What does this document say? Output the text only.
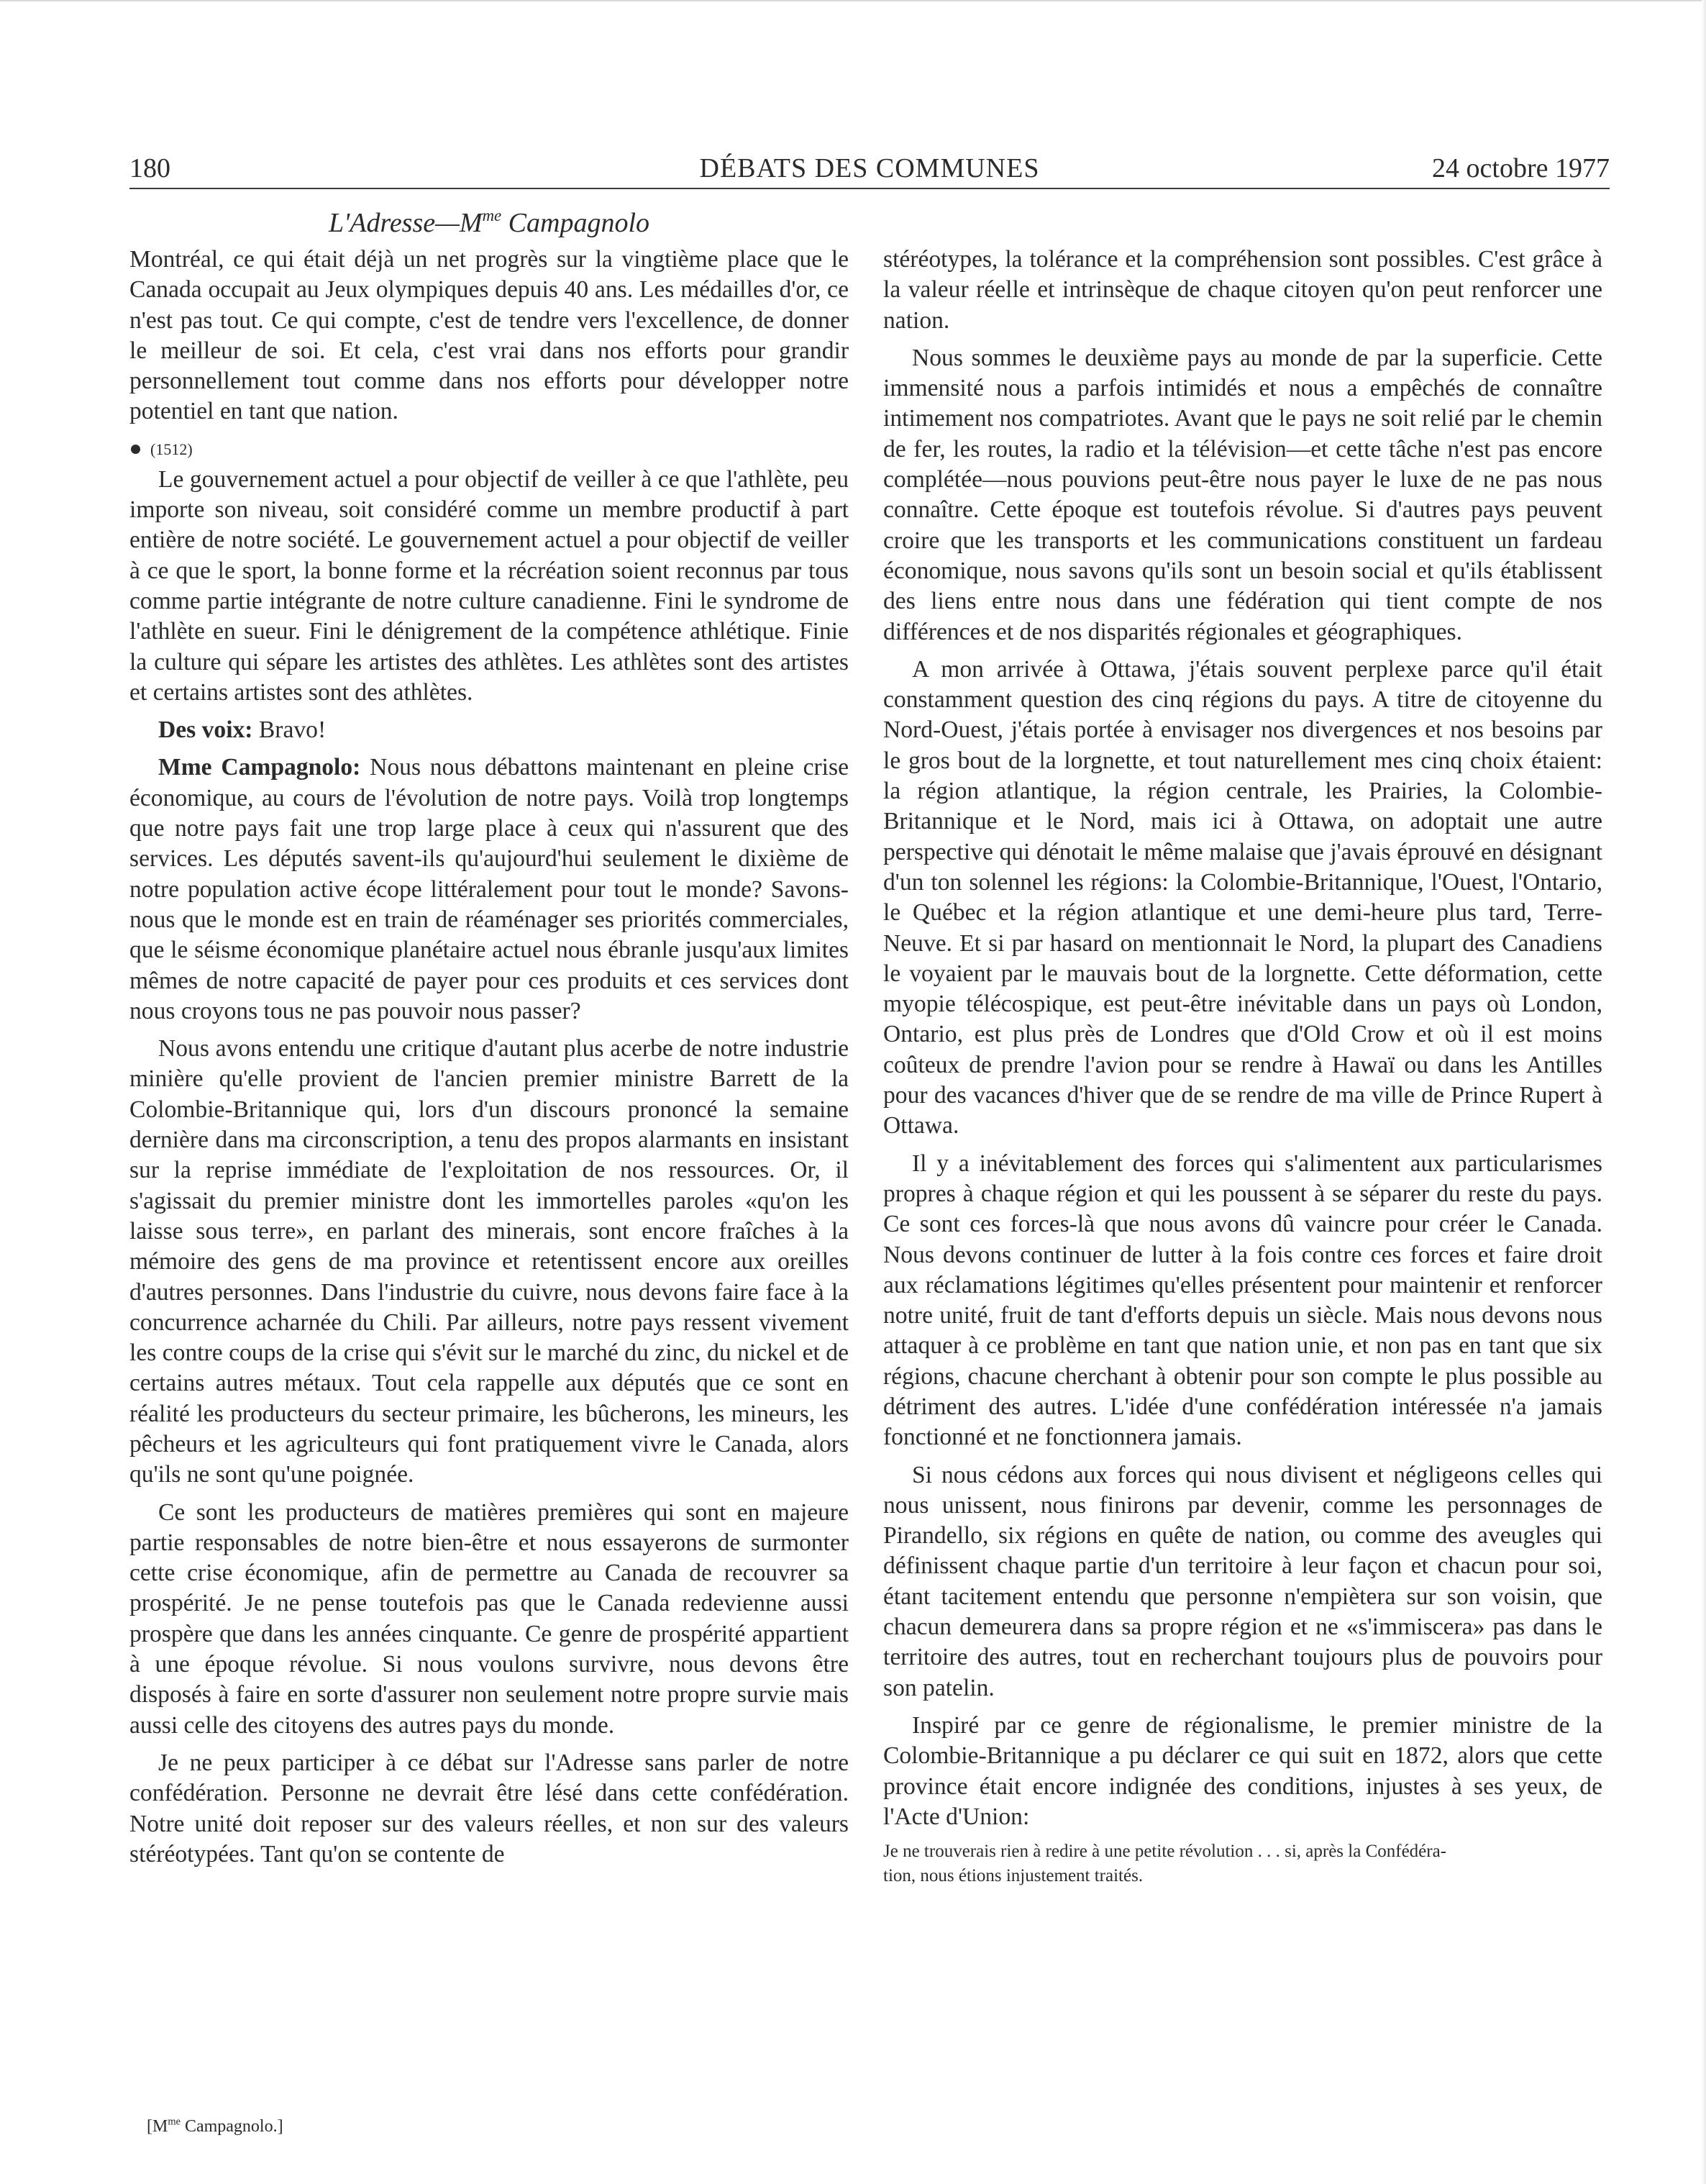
180	DÉBATS DES COMMUNES	24 octobre 1977
$L'Adresse—M^{me}$ Campagnolo

Montréal, ce qui était déjà un net progrès sur la vingtième place que le Canada occupait au Jeux olympiques depuis 40 ans. Les médailles d'or, ce n'est pas tout. Ce qui compte, c'est de tendre vers l'excellence, de donner le meilleur de soi. Et cela, c'est vrai dans nos efforts pour grandir personnellement tout comme dans nos efforts pour développer notre potentiel en tant que nation.

(1512)

Le gouvernement actuel a pour objectif de veiller à ce que l'athlète, peu importe son niveau, soit considéré comme un membre productif à part entière de notre société. Le gouvernement actuel a pour objectif de veiller à ce que le sport, la bonne forme et la récréation soient reconnus par tous comme partie intégrante de notre culture canadienne. Fini le syndrome de l'athlète en sueur. Fini le dénigrement de la compétence athlétique. Finie la culture qui sépare les artistes des athlètes. Les athlètes sont des artistes et certains artistes sont des athlètes.

Des voix: Bravo!

Mme Campagnolo: Nous nous débattons maintenant en pleine crise économique, au cours de l'évolution de notre pays. Voilà trop longtemps que notre pays fait une trop large place à ceux qui n'assurent que des services. Les députés savent-ils qu'aujourd'hui seulement le dixième de notre population active écope littéralement pour tout le monde? Savons-nous que le monde est en train de réaménager ses priorités commerciales, que le séisme économique planétaire actuel nous ébranle jusqu'aux limites mêmes de notre capacité de payer pour ces produits et ces services dont nous croyons tous ne pas pouvoir nous passer?

Nous avons entendu une critique d'autant plus acerbe de notre industrie minière qu'elle provient de l'ancien premier ministre Barrett de la Colombie-Britannique qui, lors d'un discours prononcé la semaine dernière dans ma circonscription, a tenu des propos alarmants en insistant sur la reprise immédiate de l'exploitation de nos ressources. Or, il s'agissait du premier ministre dont les immortelles paroles «qu'on les laisse sous terre», en parlant des minerais, sont encore fraîches à la mémoire des gens de ma province et retentissent encore aux oreilles d'autres personnes. Dans l'industrie du cuivre, nous devons faire face à la concurrence acharnée du Chili. Par ailleurs, notre pays ressent vivement les contre coups de la crise qui s'évit sur le marché du zinc, du nickel et de certains autres métaux. Tout cela rappelle aux députés que ce sont en réalité les producteurs du secteur primaire, les bûcherons, les mineurs, les pêcheurs et les agriculteurs qui font pratiquement vivre le Canada, alors qu'ils ne sont qu'une poignée.

Ce sont les producteurs de matières premières qui sont en majeure partie responsables de notre bien-être et nous essayerons de surmonter cette crise économique, afin de permettre au Canada de recouvrer sa prospérité. Je ne pense toutefois pas que le Canada redevienne aussi prospère que dans les années cinquante. Ce genre de prospérité appartient à une époque révolue. Si nous voulons survivre, nous devons être disposés à faire en sorte d'assurer non seulement notre propre survie mais aussi celle des citoyens des autres pays du monde.

Je ne peux participer à ce débat sur l'Adresse sans parler de notre confédération. Personne ne devrait être lésé dans cette confédération. Notre unité doit reposer sur des valeurs réelles, et non sur des valeurs stéréotypées. Tant qu'on se contente de

[$M^{me}$ Campagnolo.]

stéréotypes, la tolérance et la compréhension sont possibles. C'est grâce à la valeur réelle et intrinsèque de chaque citoyen qu'on peut renforcer une nation.

Nous sommes le deuxième pays au monde de par la superficie. Cette immensité nous a parfois intimidés et nous a empêchés de connaître intimement nos compatriotes. Avant que le pays ne soit relié par le chemin de fer, les routes, la radio et la télévision—et cette tâche n'est pas encore complétée—nous pouvions peut-être nous payer le luxe de ne pas nous connaître. Cette époque est toutefois révolue. Si d'autres pays peuvent croire que les transports et les communications constituent un fardeau économique, nous savons qu'ils sont un besoin social et qu'ils établissent des liens entre nous dans une fédération qui tient compte de nos différences et de nos disparités régionales et géographiques.

A mon arrivée à Ottawa, j'étais souvent perplexe parce qu'il était constamment question des cinq régions du pays. A titre de citoyenne du Nord-Ouest, j'étais portée à envisager nos divergences et nos besoins par le gros bout de la lorgnette, et tout naturellement mes cinq choix étaient: la région atlantique, la région centrale, les Prairies, la Colombie-Britannique et le Nord, mais ici à Ottawa, on adoptait une autre perspective qui dénotait le même malaise que j'avais éprouvé en désignant d'un ton solennel les régions: la Colombie-Britannique, l'Ouest, l'Ontario, le Québec et la région atlantique et une demi-heure plus tard, Terre-Neuve. Et si par hasard on mentionnait le Nord, la plupart des Canadiens le voyaient par le mauvais bout de la lorgnette. Cette déformation, cette myopie télécospique, est peut-être inévitable dans un pays où London, Ontario, est plus près de Londres que d'Old Crow et où il est moins coûteux de prendre l'avion pour se rendre à Hawaï ou dans les Antilles pour des vacances d'hiver que de se rendre de ma ville de Prince Rupert à Ottawa.

Il y a inévitablement des forces qui s'alimentent aux particularismes propres à chaque région et qui les poussent à se séparer du reste du pays. Ce sont ces forces-là que nous avons dû vaincre pour créer le Canada. Nous devons continuer de lutter à la fois contre ces forces et faire droit aux réclamations légitimes qu'elles présentent pour maintenir et renforcer notre unité, fruit de tant d'efforts depuis un siècle. Mais nous devons nous attaquer à ce problème en tant que nation unie, et non pas en tant que six régions, chacune cherchant à obtenir pour son compte le plus possible au détriment des autres. L'idée d'une confédération intéressée n'a jamais fonctionné et ne fonctionnera jamais.

Si nous cédons aux forces qui nous divisent et négligeons celles qui nous unissent, nous finirons par devenir, comme les personnages de Pirandello, six régions en quête de nation, ou comme des aveugles qui définissent chaque partie d'un territoire à leur façon et chacun pour soi, étant tacitement entendu que personne n'empiètera sur son voisin, que chacun demeurera dans sa propre région et ne «s'immiscera» pas dans le territoire des autres, tout en recherchant toujours plus de pouvoirs pour son patelin.

Inspiré par ce genre de régionalisme, le premier ministre de la Colombie-Britannique a pu déclarer ce qui suit en 1872, alors que cette province était encore indignée des conditions, injustes à ses yeux, de l'Acte d'Union:

Je ne trouverais rien à redire à une petite révolution . . . si, après la Confédéra-
tion, nous étions injustement traités.
